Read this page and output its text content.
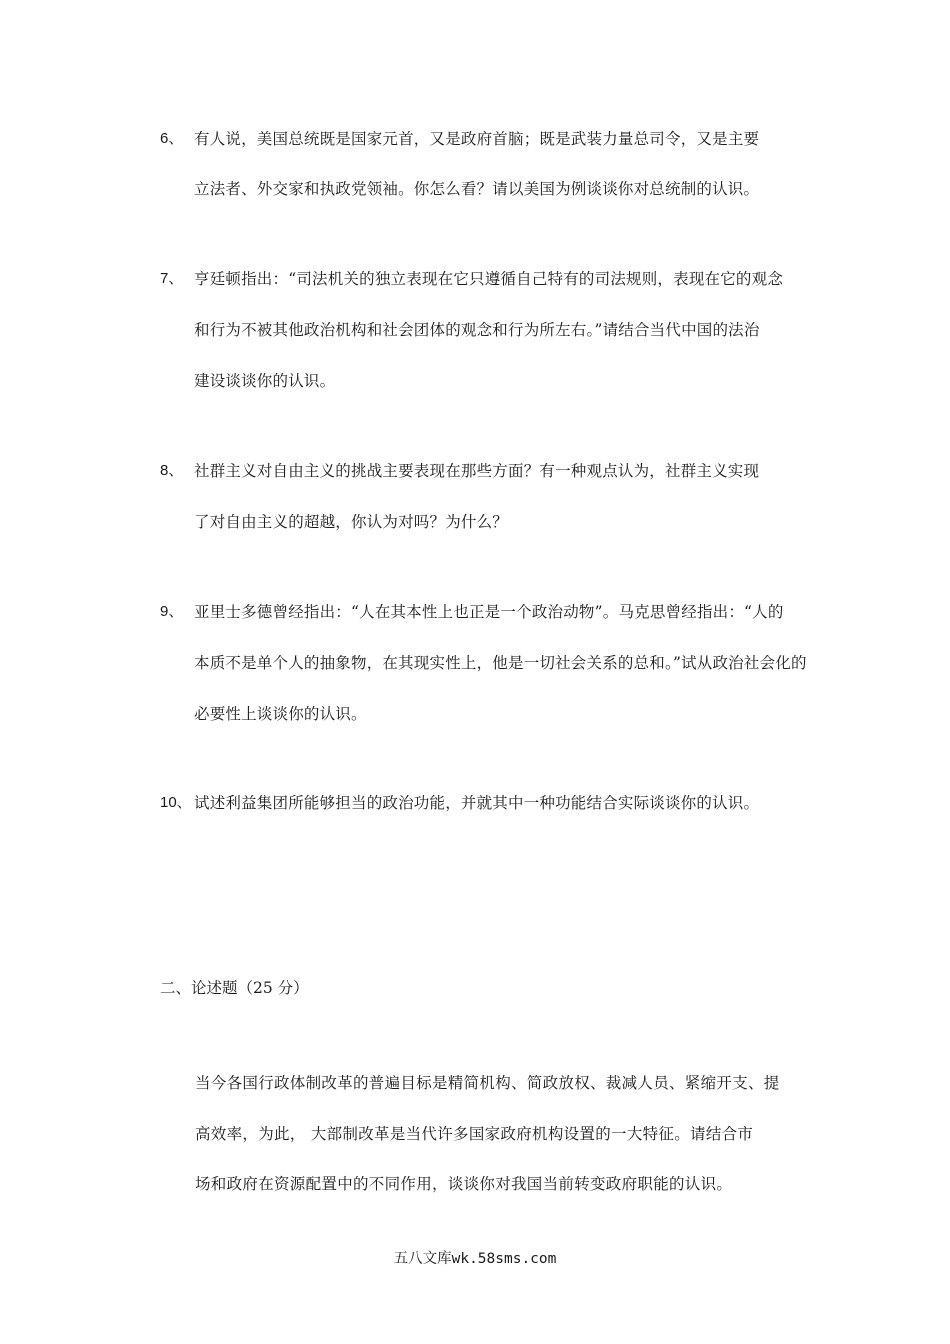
6、 有人说，美国总统既是国家元首，又是政府首脑；既是武装力量总司令，又是主要
立法者、外交家和执政党领袖。你怎么看？请以美国为例谈谈你对总统制的认识。
7、 亨廷顿指出：“司法机关的独立表现在它只遵循自己特有的司法规则，表现在它的观念
和行为不被其他政治机构和社会团体的观念和行为所左右。”请结合当代中国的法治
建设谈谈你的认识。
8、 社群主义对自由主义的挑战主要表现在那些方面？有一种观点认为，社群主义实现
了对自由主义的超越，你认为对吗？为什么？
9、 亚里士多德曾经指出：“人在其本性上也正是一个政治动物”。马克思曾经指出：“人的
本质不是单个人的抽象物，在其现实性上，他是一切社会关系的总和。”试从政治社会化的
必要性上谈谈你的认识。
10、 试述利益集团所能够担当的政治功能，并就其中一种功能结合实际谈谈你的认识。
二、论述题（25 分）
当今各国行政体制改革的普遍目标是精简机构、简政放权、裁减人员、紧缩开支、提
高效率，为此， 大部制改革是当代许多国家政府机构设置的一大特征。请结合市
场和政府在资源配置中的不同作用，谈谈你对我国当前转变政府职能的认识。
五八文库wk.58sms.com
